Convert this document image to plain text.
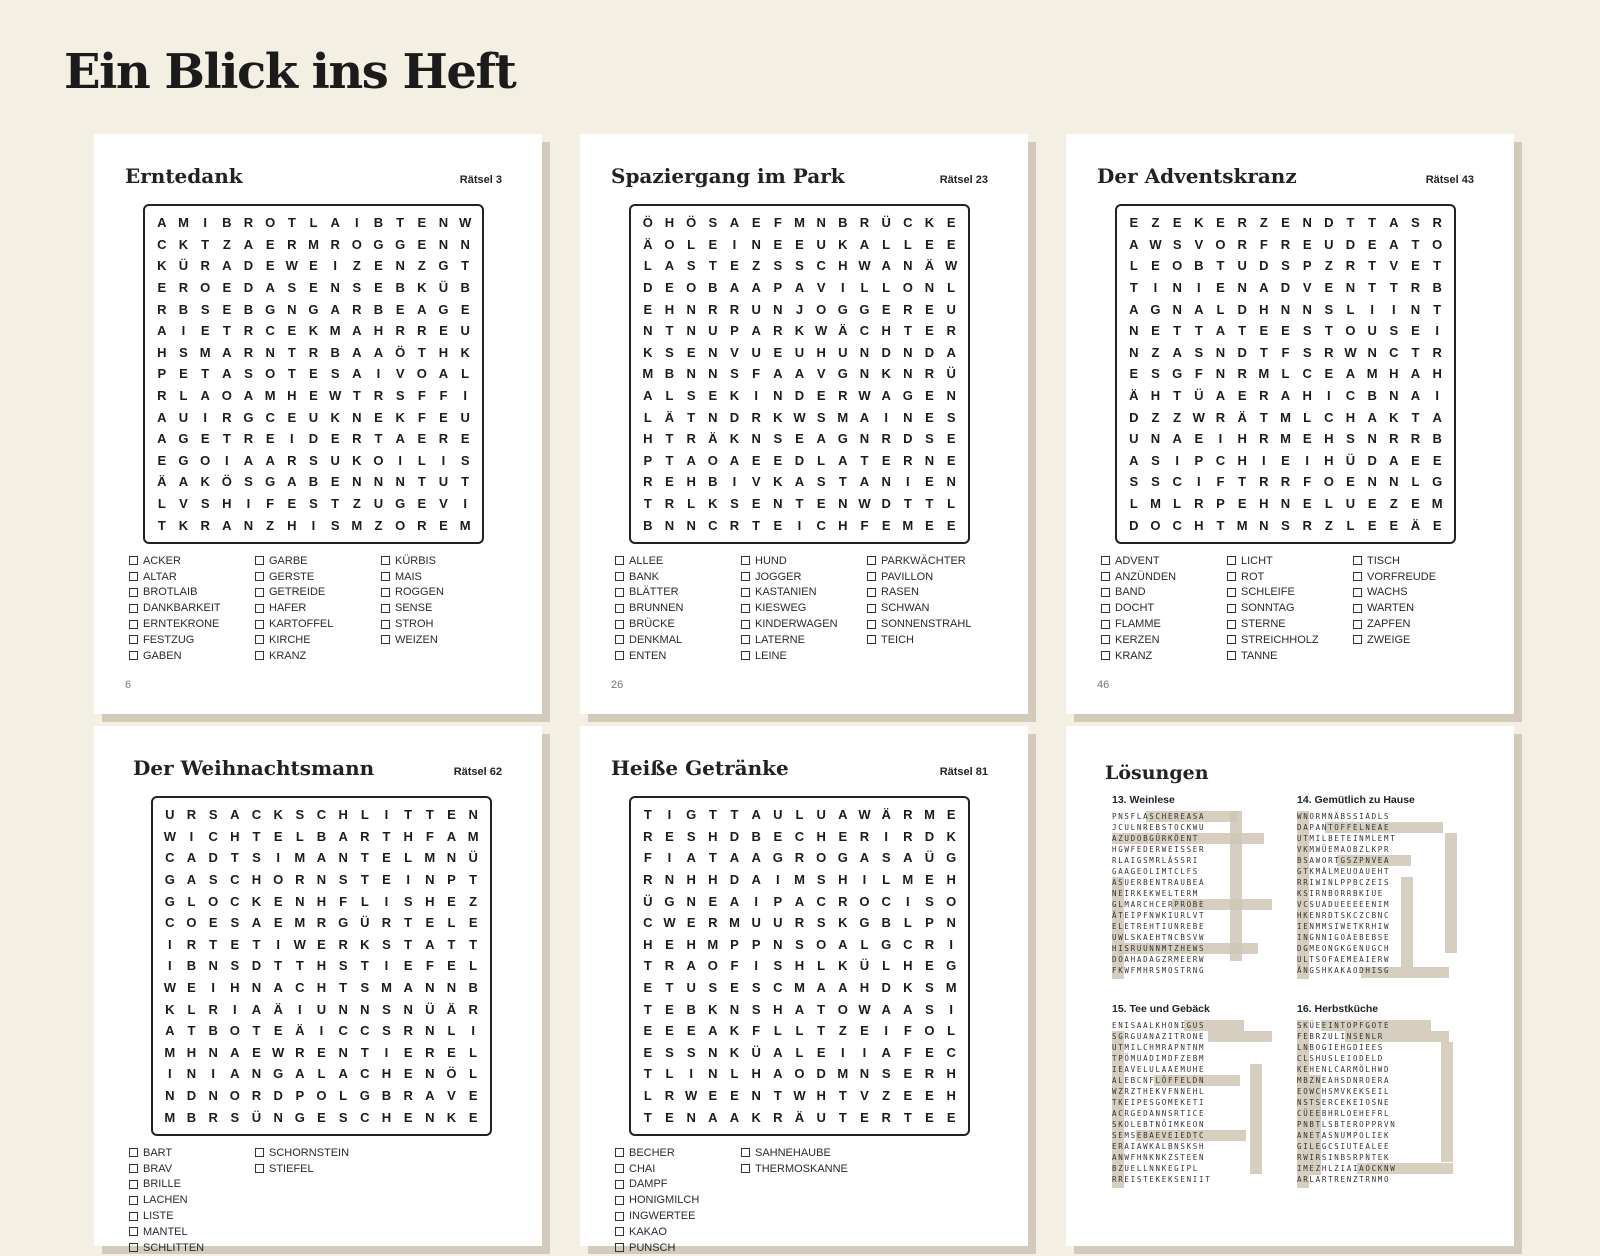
Ein Blick ins Heft
Erntedank	Rätsel 3
A M	I	B R O T	L A	I	B T	E N W
C K T	Z	A E R M R O G G E N N
K Ü R A D E W E	I	Z	E N	Z G T
E R O E D A S	E N S	E B K Ü B
R B S	E B G N G A R B E A G E
A	I	E	T	R C E K M A H R R E U
H S M A R N	T	R B A A Ö T	H K
P	E	T	A S O T	E S A	I	V O A L
R	L A O A M H E W T	R S	F	F	I
A U	I	R G C E U K N E K	F	E U
A G E	T	R E	I	D E R	T A E R E
E G O	I	A A R S U K O	I	L	I	S
Ä A K Ö S G A B E N N N	T	U T
L	V S H	I	F	E	S	T	Z	U G E	V	I
T	K R A N Z	H	I	S M Z O R E M
ACKER
ALTAR
BROTLAIB
DANKBARKEIT
ERNTEKRONE
FESTZUG
GABEN
GARBE
GERSTE
GETREIDE
HAFER
KARTOFFEL
KIRCHE
KRANZ
KÜRBIS
MAIS
ROGGEN
SENSE
STROH
WEIZEN
6
Spaziergang im Park	Rätsel 23
Ö H Ö S A E	F M N B R Ü C K E
Ä O L	E	I	N E	E U K A L	L	E E
L	A S	T	E	Z	S	S C H W A N Ä W
D E O B A A P A V	I	L	L O N L
E H N R R U N	J O G G E R E U
N	T N U P A R K W Ä C H	T	E R
K S E N V U E U H U N D N D A
M B N N S	F	A A V G N K N R Ü
A	L	S	E K	I	N D E R W A G E N
L	Ä T	N D R K W S M A	I	N E S
H	T R Ä K N S	E A G N R D S E
P	T A O A E	E D L	A	T	E R N E
R E H B	I	V K A S	T	A N	I	E N
T	R L	K S E N	T	E N W D	T	T	L
B N N C R T	E	I	C H	F	E M E E
ALLEE
BANK
BLÄTTER
BRUNNEN
BRÜCKE
DENKMAL
ENTEN
HUND
JOGGER
KASTANIEN
KIESWEG
KINDERWAGEN
LATERNE
LEINE
PARKWÄCHTER
PAVILLON
RASEN
SCHWAN
SONNENSTRAHL
TEICH
26
Der Adventskranz	Rätsel 43
E	Z	E K E R	Z	E N D	T	T	A S R
A W S	V O R	F	R E U D E A	T O
L	E O B	T U D S P	Z	R T	V	E	T
T	I	N	I	E N A D V	E N T	T	R B
A G N A	L D H N N S	L	I	I	N T
N E	T	T	A T	E	E S	T O U S	E	I
N	Z A S N D	T	F	S R W N C	T R
E	S G F	N R M L C E A M H A H
Ä H T	Ü A E R A H	I	C B N A	I
D	Z	Z W R Ä	T M L	C H A K	T A
U N A E	I	H R M E H S N R R B
A S	I	P C H	I	E	I	H Ü D A E E
S	S C	I	F	T	R R F O E N N	L G
L M L	R P E H N E	L	U E	Z	E M
D O C H	T M N S R	Z	L	E	E Ä E
ADVENT
ANZÜNDEN
BAND
DOCHT
FLAMME
KERZEN
KRANZ
LICHT
ROT
SCHLEIFE
SONNTAG
STERNE
STREICHHOLZ
TANNE
TISCH
VORFREUDE
WACHS
WARTEN
ZAPFEN
ZWEIGE
46
Der Weihnachtsmann	Rätsel 62
U R S A C K S C H	L	I	T	T	E N
W	I	C H	T	E	L	B A R	T H	F	A M
C A D	T	S	I	M A N	T	E	L M N Ü
G A S C H O R N S	T	E	I	N P	T
G L O C K E N H F	L	I	S H E	Z
C O E	S A E M R G Ü R T	E	L	E
I	R T	E	T	I	W E R K S	T	A	T	T
I	B N S D T	T	H S	T	I	E	F	E	L
W E	I	H N A C H T	S M A N N B
K	L R	I	A Ä	I	U N N S N Ü Ä R
A	T B O T	E Ä	I	C C S R N	L	I
M H N A E W R E N	T	I	E R E	L
I	N	I	A N G A	L A C H E N Ö L
N D N O R D P O L G B R A V E
M B R S Ü N G E S C H E N K E
BART
BRAV
BRILLE
LACHEN
LISTE
MANTEL
SCHLITTEN
SCHORNSTEIN
STIEFEL
Heiße Getränke	Rätsel 81
T	I	G T	T A U	L U A W Ä R M E
R E S H D B E C H E R	I	R D K
F	I	A	T	A A G R O G A S A Ü G
R N H H D A	I	M S H	I	L M E H
Ü G N E A	I	P A C R O C	I	S O
C W E R M U U R S K G B	L	P N
H E H M P P N S O A	L G C R	I
T	R A O F	I	S H L	K Ü L	H E G
E	T U S	E S C M A A H D K S M
T	E B K N S H A T O W A A S	I
E	E E A K F	L	L	T	Z	E	I	F O L
E	S S N K Ü A	L	E	I	I	A	F	E C
T	L	I	N	L H A O D M N S	E R H
L	R W E	E N	T W H	T	V	Z	E	E H
T	E N A A K R Ä U	T	E R	T	E E
BECHER
CHAI
DAMPF
HONIGMILCH
INGWERTEE
KAKAO
PUNSCH
SAHNEHAUBE
THERMOSKANNE
Lösungen
13. Weinlese
PNSFLASCHEREASA
JCULNREBSTOCKWU
AZUDOBGÜRKÖENT
HGWFEDERWEISSER
RLAIGSMRLÄSSRI
GAAGEOLIMTCLFS
ASUERBENTRAUBEA
NEIRKEKWELTERM
GLMARCHCERPROBE
ÄTEIPFNWKIURLVT
ELETREHTIUNREBE
UWLSKAEHTNCBSVW
HISRUUNNMTZHEWS
DOAHADAGZRMEERW
FKWFMHRSMOSTRNG
14. Gemütlich zu Hause
WNORMNÄBSSIADLS
DAPANTOFFELNEAE
UTMILBETEINMLEMT
VKMWÜEMAOBZLKPR
BSAWORTGSZPNVEA
GTKMÄLMEUOAUEHT
RRIWINLPPBCZEIS
KSIRNBORRBKIUE
VCSUADUEEEEENIM
HKENRDTSKCZCBNC
IENMMSIWETKRHIW
INGNNIGOAEBEBSE
DGMEONGKGENUGCH
ULTSOFAEMEAIERW
ÄNGSHKAKAODHISG
15. Tee und Gebäck
ENISAALKHONIGUS
SGRGUANAZITRONE
UTMILCHMRAPNTNM
TPÖMUADIMDFZEBM
IEAVELULAAEMUHE
ALEBCNFLÖFFELDN
WZRZTHEKVFNNEHL
TKEIPESGOMEKETI
ACRGEDANNSRTICE
SKOLEBTNÖIMKEON
SEMSEBAEVEIEDTC
ERAIAWKALBNSKSH
ANWFHNKNKZSTEEN
BZUELLNNKEGIPL
RREISTEKEKSENIIT
16. Herbstküche
SKÜEEINTOPFGOTE
FEBRZULINSENLR
LNBOGIEHGDIEES
CLSHUSLEIODELD
KEHENLCARMÖLHWD
MBZNEAHSDNROERA
EOWCHSMVKEKSEIL
NSTSERCEKEIOSNE
CÜEEBHRLOEHEFRL
PNBTLSBTEROPPRVN
ANETASNUMPOLIEK
GILEGCSIUTEALEE
RWIRSINBSRPNTEK
IMEZHLZIAIAOCKNW
ARLARTRENZTRNMO
